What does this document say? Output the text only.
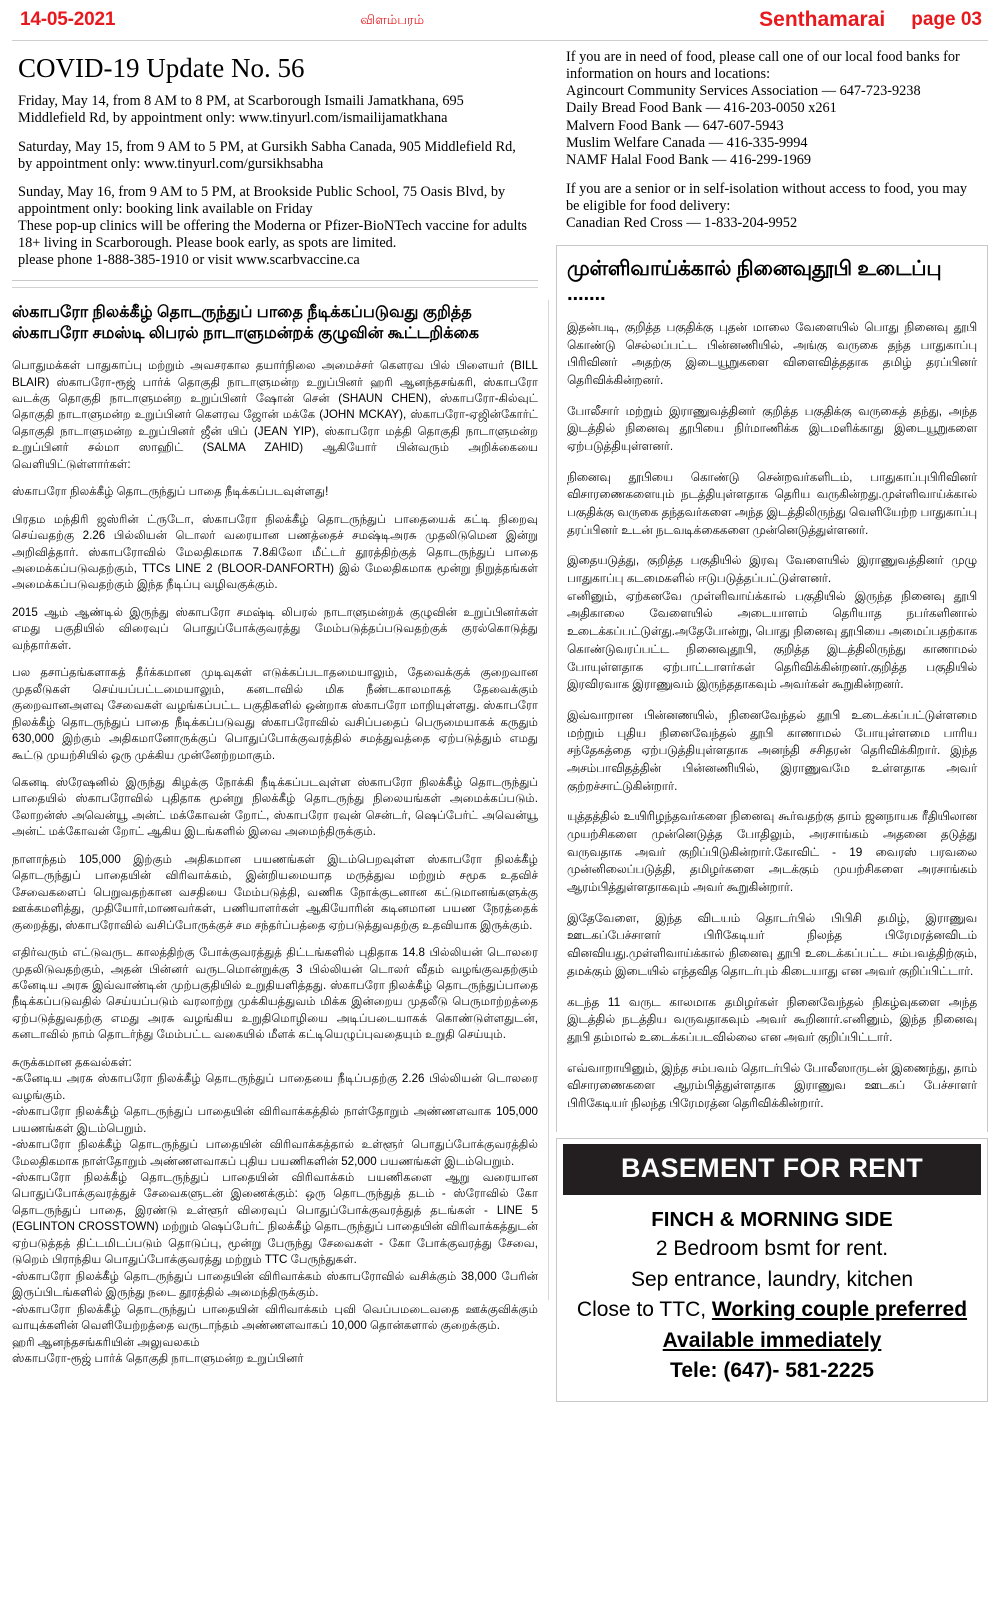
14-05-2021	விளம்பரம்	Senthamarai page 03
COVID-19 Update No. 56

Friday, May 14, from 8 AM to 8 PM, at Scarborough Ismaili Jamatkhana, 695 Middlefield Rd, by appointment only: www.tinyurl.com/ismailijamatkhana

Saturday, May 15, from 9 AM to 5 PM, at Gursikh Sabha Canada, 905 Middlefield Rd, by appointment only: www.tinyurl.com/gursikhsabha

Sunday, May 16, from 9 AM to 5 PM, at Brookside Public School, 75 Oasis Blvd, by appointment only: booking link available on Friday

These pop-up clinics will be offering the Moderna or Pfizer-BioNTech vaccine for adults 18+ living in Scarborough. Please book early, as spots are limited.

please phone 1-888-385-1910 or visit www.scarbvaccine.ca

ஸ்காபரோ நிலக்கீழ் தொடருந்துப் பாதை நீடிக்கப்படுவது குறித்த
ஸ்காபரோ சமஸ்டி லிபரல் நாடாளுமன்றக் குழுவின் கூட்டறிக்கை

பொதுமக்கள் பாதுகாப்பு மற்றும் அவசரகால தயார்நிலை அமைச்சர் கௌரவ பில் பிளையர் (BILL BLAIR) ஸ்காபரோ-ரூஜ் பார்க் தொகுதி நாடாளுமன்ற உறுப்பினர் ஹரி ஆனந்தசங்கரி, ஸ்காபரோ வடக்கு தொகுதி நாடாளுமன்ற உறுப்பினர் ஷோன் சென் (SHAUN CHEN), ஸ்காபரோ-கில்வுட் தொகுதி நாடாளுமன்ற உறுப்பினர் கௌரவ ஜோன் மக்கே (JOHN MCKAY), ஸ்காபரோ-ஏஜின்கோர்ட் தொகுதி நாடாளுமன்ற உறுப்பினர் ஜீன் யிப் (JEAN YIP), ஸ்காபரோ மத்தி தொகுதி நாடாளுமன்ற உறுப்பினர் சல்மா ஸாஹிட் (SALMA ZAHID) ஆகியோர் பின்வரும் அறிக்கையை வெளியிட்டுள்ளார்கள்:

ஸ்காபரோ நிலக்கீழ் தொடருந்துப் பாதை நீடிக்கப்படவுள்ளது!

பிரதம மந்திரி ஜஸ்ரின் ட்ருடோ, ஸ்காபரோ நிலக்கீழ் தொடருந்துப் பாதையைக் கட்டி நிறைவு செய்வதற்கு 2.26 பில்லியன் டொலர் வரையான பணத்தைச் சமஷ்டிஅரசு முதலிடுமென இன்று அறிவித்தார். ஸ்காபரோவில் மேலதிகமாக 7.8கிலோ மீட்டர் தூரத்திற்குத் தொடருந்துப் பாதை அமைக்கப்படுவதற்கும், TTCs LINE 2 (BLOOR-DANFORTH) இல் மேலதிகமாக மூன்று நிறுத்தங்கள் அமைக்கப்படுவதற்கும் இந்த நீடிப்பு வழிவகுக்கும்.

2015 ஆம் ஆண்டில் இருந்து ஸ்காபரோ சமஷ்டி லிபரல் நாடாளுமன்றக் குழுவின் உறுப்பினர்கள் எமது பகுதியில் விரைவுப் பொதுப்போக்குவரத்து மேம்படுத்தப்படுவதற்குக் குரல்கொடுத்து வந்தார்கள்.

பல தசாப்தங்களாகத் தீர்க்கமான முடிவுகள் எடுக்கப்படாதமையாலும், தேவைக்குக் குறைவான முதலீடுகள் செய்யப்பட்டமையாலும், கனடாவில் மிக நீண்டகாலமாகத் தேவைக்கும் குறைவானஅளவு சேவைகள் வழங்கப்பட்ட பகுதிகளில் ஒன்றாக ஸ்காபரோ மாறியுள்ளது. ஸ்காபரோ நிலக்கீழ் தொடருந்துப் பாதை நீடிக்கப்படுவது ஸ்காபரோவில் வசிப்பதைப் பெருமையாகக் கருதும் 630,000 இற்கும் அதிகமானோருக்குப் பொதுப்போக்குவரத்தில் சமத்துவத்தை ஏற்படுத்தும் எமது கூட்டு முயற்சியில் ஒரு முக்கிய முன்னேற்றமாகும்.

கெனடி ஸ்ரேஷனில் இருந்து கிழக்கு நோக்கி நீடிக்கப்படவுள்ள ஸ்காபரோ நிலக்கீழ் தொடருந்துப் பாதையில் ஸ்காபரோவில் புதிதாக மூன்று நிலக்கீழ் தொடருந்து நிலையங்கள் அமைக்கப்படும். லோறன்ஸ் அவென்யூ அன்ட் மக்கோவன் றோட், ஸ்காபரோ ரவுன் சென்டர், ஷெப்பேர்ட் அவென்யூ அன்ட் மக்கோவன் றோட் ஆகிய இடங்களில் இவை அமைந்திருக்கும்.

நாளாந்தம் 105,000 இற்கும் அதிகமான பயணங்கள் இடம்பெறவுள்ள ஸ்காபரோ நிலக்கீழ் தொடருந்துப் பாதையின் விரிவாக்கம், இன்றியமையாத மருத்துவ மற்றும் சமூக உதவிச் சேவைகளைப் பெறுவதற்கான வசதியை மேம்படுத்தி, வணிக நோக்குடனான கட்டுமானங்களுக்கு ஊக்கமளித்து, முதியோர்,மாணவர்கள், பணியாளர்கள் ஆகியோரின் கடினமான பயண நேரத்தைக் குறைத்து, ஸ்காபரோவில் வசிப்போருக்குச் சம சந்தர்ப்பத்தை ஏற்படுத்துவதற்கு உதவியாக இருக்கும்.

எதிர்வரும் எட்டுவருட காலத்திற்கு போக்குவரத்துத் திட்டங்களில் புதிதாக 14.8 பில்லியன் டொலரை முதலிடுவதற்கும், அதன் பின்னர் வருடமொன்றுக்கு 3 பில்லியன் டொலர் வீதம் வழங்குவதற்கும் கனேடிய அரசு இவ்வாண்டின் முற்பகுதியில் உறுதியளித்தது. ஸ்காபரோ நிலக்கீழ் தொடருந்துப்பாதை நீடிக்கப்படுவதில் செய்யப்படும் வரலாற்று முக்கியத்துவம் மிக்க இன்றைய முதலீடு பெருமாற்றத்தை ஏற்படுத்துவதற்கு எமது அரசு வழங்கிய உறுதிமொழியை அடிப்படையாகக் கொண்டுள்ளதுடன், கனடாவில் நாம் தொடர்ந்து மேம்பட்ட வகையில் மீளக் கட்டியெழுப்புவதையும் உறுதி செய்யும்.

சுருக்கமான தகவல்கள்:

-கனேடிய அரசு ஸ்காபரோ நிலக்கீழ் தொடருந்துப் பாதையை நீடிப்பதற்கு 2.26 பில்லியன் டொலரை வழங்கும்.

-ஸ்காபரோ நிலக்கீழ் தொடருந்துப் பாதையின் விரிவாக்கத்தில் நாள்தோறும் அண்ணளவாக 105,000 பயணங்கள் இடம்பெறும்.

-ஸ்காபரோ நிலக்கீழ் தொடருந்துப் பாதையின் விரிவாக்கத்தால் உள்ளூர் பொதுப்போக்குவரத்தில் மேலதிகமாக நாள்தோறும் அண்ணளவாகப் புதிய பயணிகளின் 52,000 பயணங்கள் இடம்பெறும்.

-ஸ்காபரோ நிலக்கீழ் தொடருந்துப் பாதையின் விரிவாக்கம் பயணிகளை ஆறு வரையான பொதுப்போக்குவரத்துச் சேவைகளுடன் இணைக்கும்: ஒரு தொடருந்துத் தடம் - ஸ்ரோவில் கோ தொடருந்துப் பாதை, இரண்டு உள்ளூர் விரைவுப் பொதுப்போக்குவரத்துத் தடங்கள் - LINE 5 (EGLINTON CROSSTOWN) மற்றும் ஷெப்பேர்ட் நிலக்கீழ் தொடருந்துப் பாதையின் விரிவாக்கத்துடன் ஏற்படுத்தத் திட்டமிடப்படும் தொடுப்பு, மூன்று பேருந்து சேவைகள் - கோ போக்குவரத்து சேவை, டுறெம் பிராந்திய பொதுப்போக்குவரத்து மற்றும் TTC பேருந்துகள்.

-ஸ்காபரோ நிலக்கீழ் தொடருந்துப் பாதையின் விரிவாக்கம் ஸ்காபரோவில் வசிக்கும் 38,000 பேரின் இருப்பிடங்களில் இருந்து நடை தூரத்தில் அமைந்திருக்கும்.

-ஸ்காபரோ நிலக்கீழ் தொடருந்துப் பாதையின் விரிவாக்கம் புவி வெப்பமடைவதை ஊக்குவிக்கும் வாயுக்களின் வெளியேற்றத்தை வருடாந்தம் அண்ணளவாகப் 10,000 தொன்களால் குறைக்கும்.

ஹரி ஆனந்தசங்கரியின் அலுவலகம்

ஸ்காபரோ-ரூஜ் பார்க் தொகுதி நாடாளுமன்ற உறுப்பினர்

If you are in need of food, please call one of our local food banks for information on hours and locations:

Agincourt Community Services Association — 647-723-9238
Daily Bread Food Bank — 416-203-0050 x261
Malvern Food Bank — 647-607-5943
Muslim Welfare Canada — 416-335-9994
NAMF Halal Food Bank — 416-299-1969

If you are a senior or in self-isolation without access to food, you may be eligible for food delivery:

Canadian Red Cross — 1-833-204-9952
முள்ளிவாய்க்கால் நினைவுதூபி உடைப்பு .......

இதன்படி, குறித்த பகுதிக்கு புதன் மாலை வேளையில் பொது நினைவு தூபி கொண்டு செல்லப்பட்ட பின்னணியில், அங்கு வருகை தந்த பாதுகாப்பு பிரிவினர் அதற்கு இடையூறுகளை விளைவித்ததாக தமிழ் தரப்பினர் தெரிவிக்கின்றனர்.

போலீசார் மற்றும் இராணுவத்தினர் குறித்த பகுதிக்கு வருகைத் தந்து, அந்த இடத்தில் நினைவு தூபியை நிர்மாணிக்க இடமளிக்காது இடையூறுகளை ஏற்படுத்தியுள்ளனர்.

நினைவு தூபியை கொண்டு சென்றவர்களிடம், பாதுகாப்புபிரிவினர் விசாரணைகளையும் நடத்தியுள்ளதாக தெரிய வருகின்றது.முள்ளிவாய்க்கால் பகுதிக்கு வருகை தந்தவர்களை அந்த இடத்திலிருந்து வெளியேற்ற பாதுகாப்பு தரப்பினர் உடன் நடவடிக்கைகளை முன்னெடுத்துள்ளனர்.

இதையடுத்து, குறித்த பகுதியில் இரவு வேளையில் இராணுவத்தினர் முழு பாதுகாப்பு கடமைகளில் ஈடுபடுத்தப்பட்டுள்ளனர்.

எனினும், ஏற்கனவே முள்ளிவாய்க்கால் பகுதியில் இருந்த நினைவு தூபி அதிகாலை வேளையில் அடையாளம் தெரியாத நபர்களினால் உடைக்கப்பட்டுள்து.அதேபோன்று, பொது நினைவு தூபியை அமைப்பதற்காக கொண்டுவரப்பட்ட நினைவுதூபி, குறித்த இடத்திலிருந்து காணாமல் போயுள்ளதாக ஏற்பாட்டாளர்கள் தெரிவிக்கின்றனர்.குறித்த பகுதியில் இரவிரவாக இராணுவம் இருந்ததாகவும் அவர்கள் கூறுகின்றனர்.

இவ்வாறான பின்னணயில், நினைவேந்தல் தூபி உடைக்கப்பட்டுள்ளமை மற்றும் புதிய நினைவேந்தல் தூபி காணாமல் போயுள்ளமை பாரிய சந்தேகத்தை ஏற்படுத்தியுள்ளதாக அனந்தி சசிதரன் தெரிவிக்கிறார். இந்த அசம்பாவிதத்தின் பின்னணியில், இராணுவமே உள்ளதாக அவர் குற்றச்சாட்டுகின்றார்.

யுத்தத்தில் உயிரிழந்தவர்களை நினைவு கூர்வதற்கு தாம் ஜனநாயக ரீதியிலான முயற்சிகளை முன்னெடுத்த போதிலும், அரசாங்கம் அதனை தடுத்து வருவதாக அவர் குறிப்பிடுகின்றார்.கோவிட் - 19 வைரஸ் பரவலை முன்னிலைப்படுத்தி, தமிழர்களை அடக்கும் முயற்சிகளை அரசாங்கம் ஆரம்பித்துள்ளதாகவும் அவர் கூறுகின்றார்.

இதேவேளை, இந்த விடயம் தொடர்பில் பிபிசி தமிழ், இராணுவ ஊடகப்பேச்சாளர் பிரிகேடியர் நிலந்த பிரேமரத்னவிடம் வினவியது.முள்ளிவாய்க்கால் நினைவு தூபி உடைக்கப்பட்ட சம்பவத்திற்கும், தமக்கும் இடையில் எந்தவித தொடர்பும் கிடையாது என அவர் குறிப்பிட்டார்.

கடந்த 11 வருட காலமாக தமிழர்கள் நினைவேந்தல் நிகழ்வுகளை அந்த இடத்தில் நடத்திய வருவதாகவும் அவர் கூறினார்.எனினும், இந்த நினைவு தூபி தம்மால் உடைக்கப்படவில்லை என அவர் குறிப்பிட்டார்.

எவ்வாறாயினும், இந்த சம்பவம் தொடர்பில் போலீஸாருடன் இணைந்து, தாம் விசாரணைகளை ஆரம்பித்துள்ளதாக இராணுவ ஊடகப் பேச்சாளர் பிரிகேடியர் நிலந்த பிரேமரத்ன தெரிவிக்கின்றார்.

BASEMENT FOR RENT
FINCH & MORNING SIDE
2 Bedroom bsmt for rent.
Sep entrance, laundry, kitchen
Close to TTC, Working couple preferred
Available immediately
Tele: (647)- 581-2225
